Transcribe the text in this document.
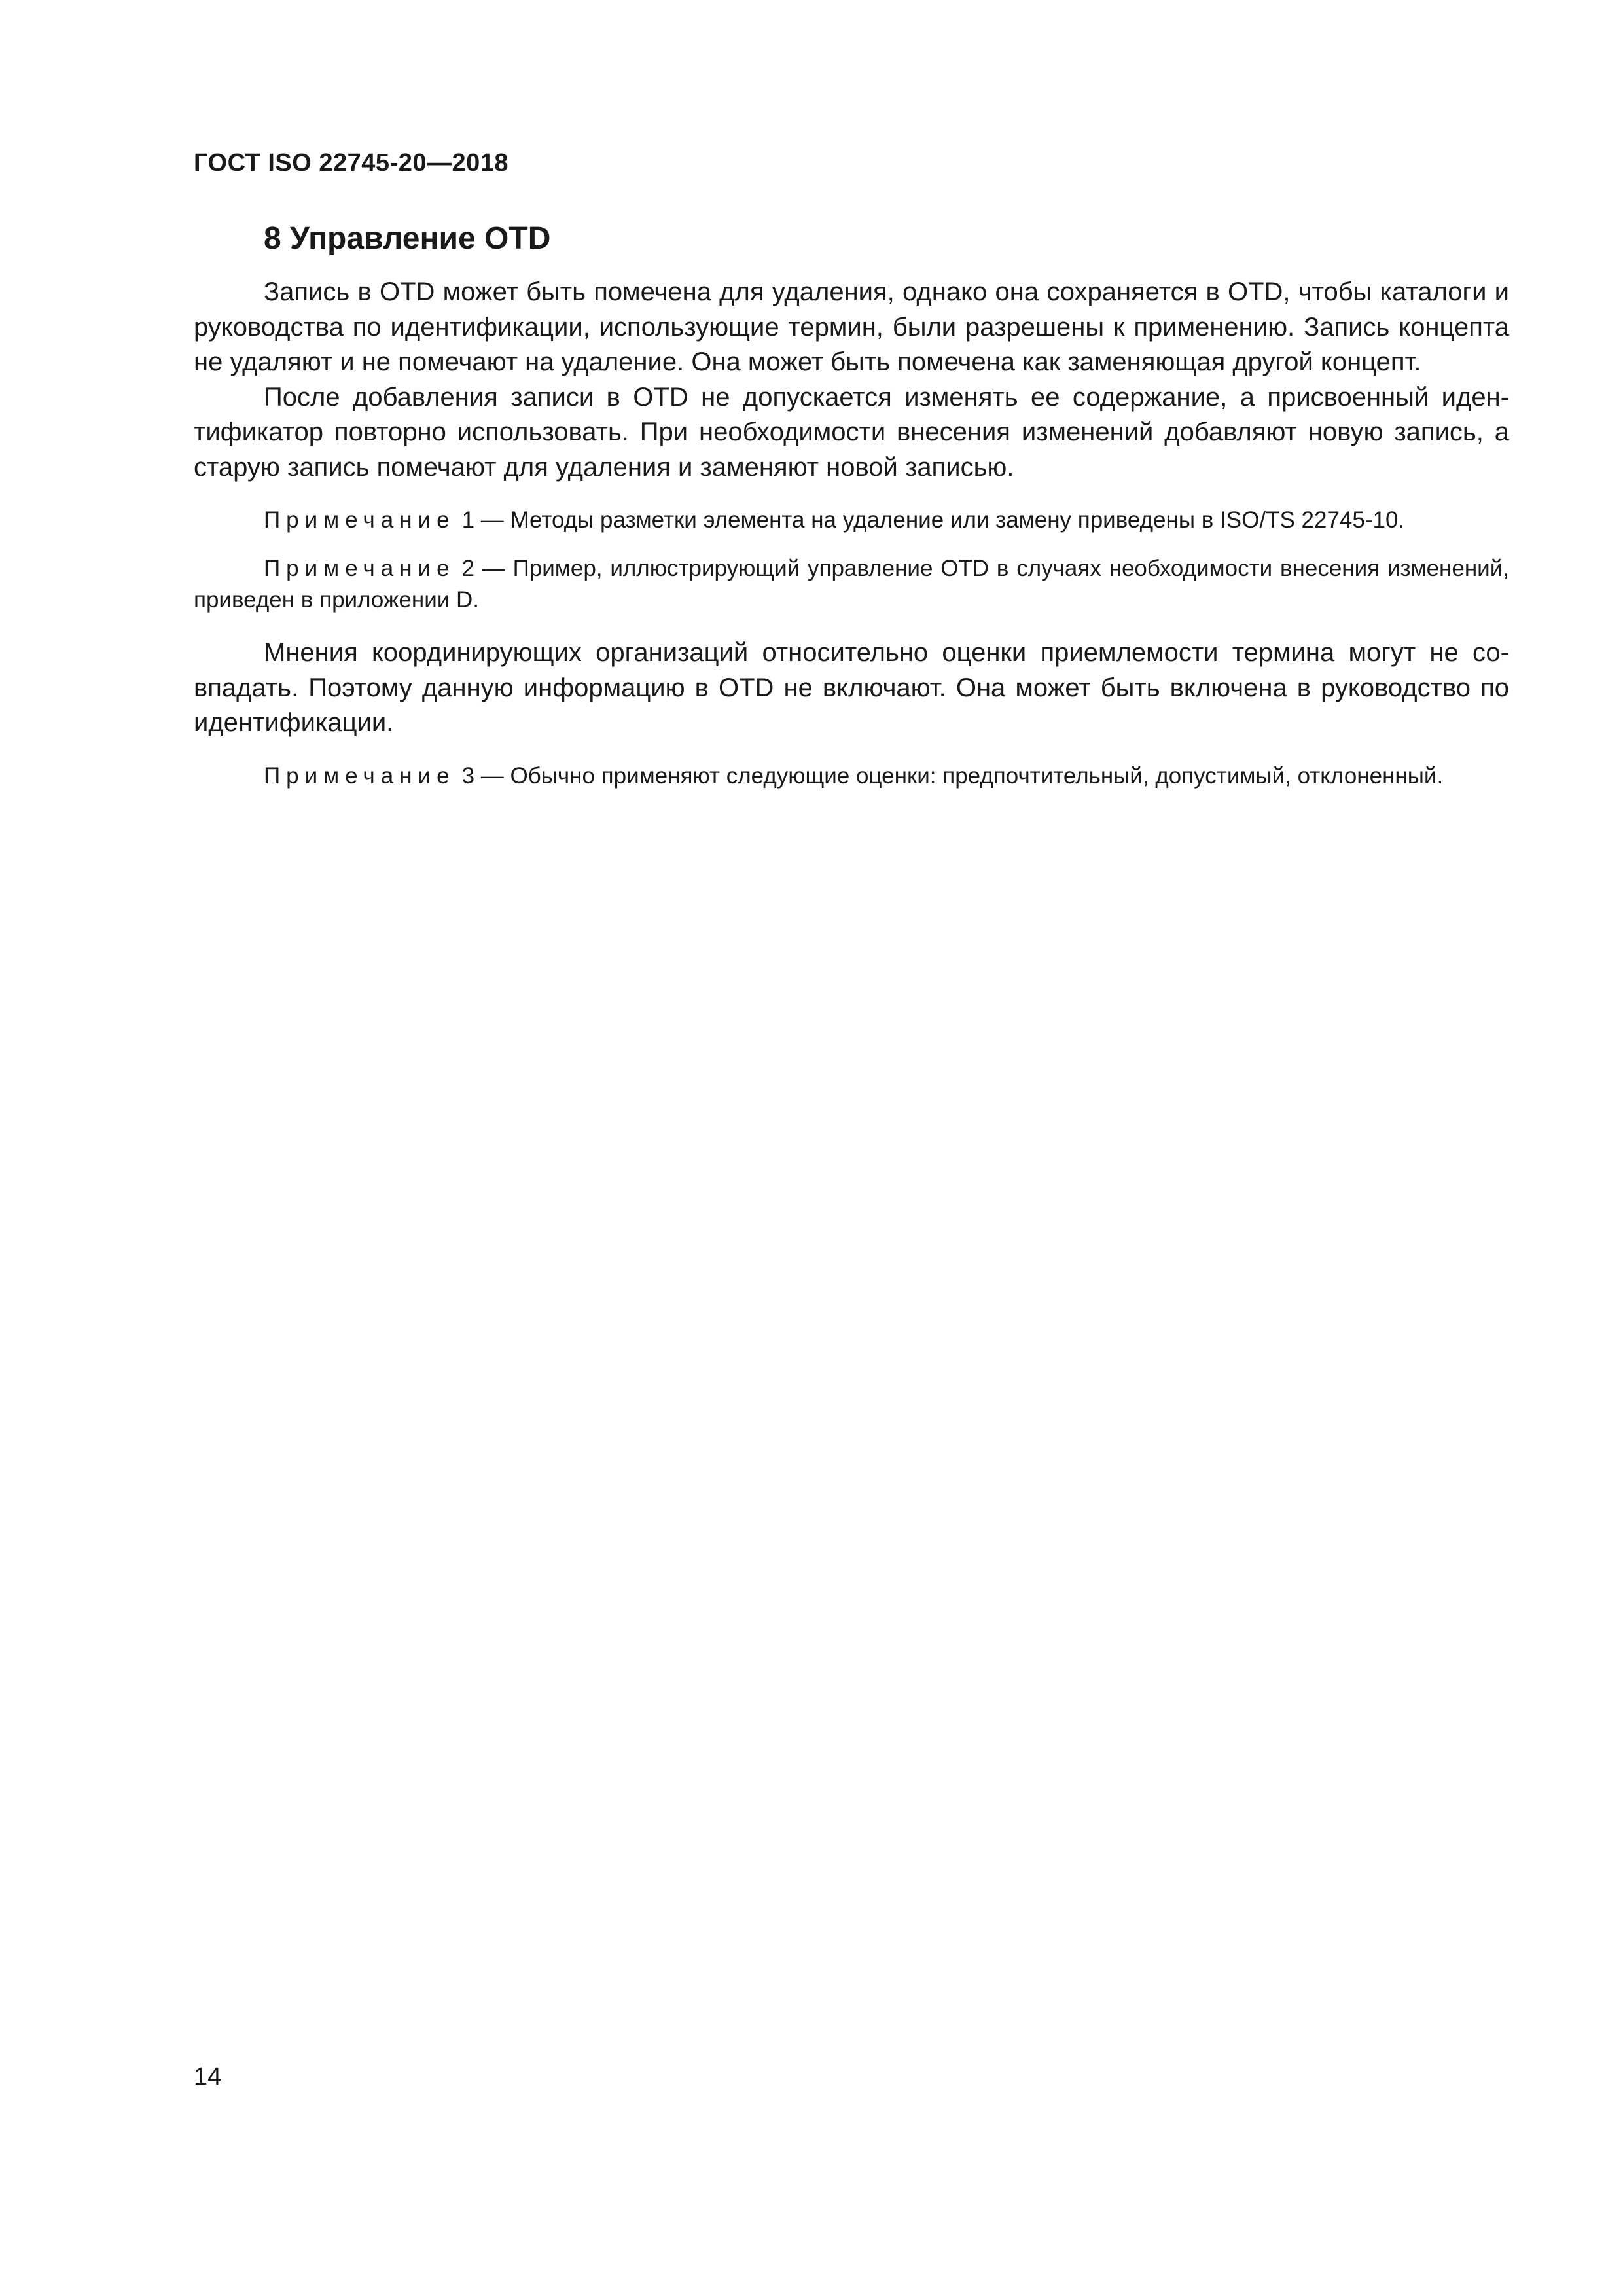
ГОСТ ISO 22745-20—2018
8 Управление OTD

Запись в OTD может быть помечена для удаления, однако она сохраняется в OTD, чтобы каталоги и руководства по идентификации, использующие термин, были разрешены к применению. Запись концепта не удаляют и не помечают на удаление. Она может быть помечена как заменяющая другой концепт.

После добавления записи в OTD не допускается изменять ее содержание, а присвоенный идентификатор повторно использовать. При необходимости внесения изменений добавляют новую запись, а старую запись помечают для удаления и заменяют новой записью.

Примечание 1 — Методы разметки элемента на удаление или замену приведены в ISO/TS 22745-10.

Примечание 2 — Пример, иллюстрирующий управление OTD в случаях необходимости внесения изменений, приведен в приложении D.

Мнения координирующих организаций относительно оценки приемлемости термина могут не совпадать. Поэтому данную информацию в OTD не включают. Она может быть включена в руководство по идентификации.

Примечание 3 — Обычно применяют следующие оценки: предпочтительный, допустимый, отклоненный.

14
